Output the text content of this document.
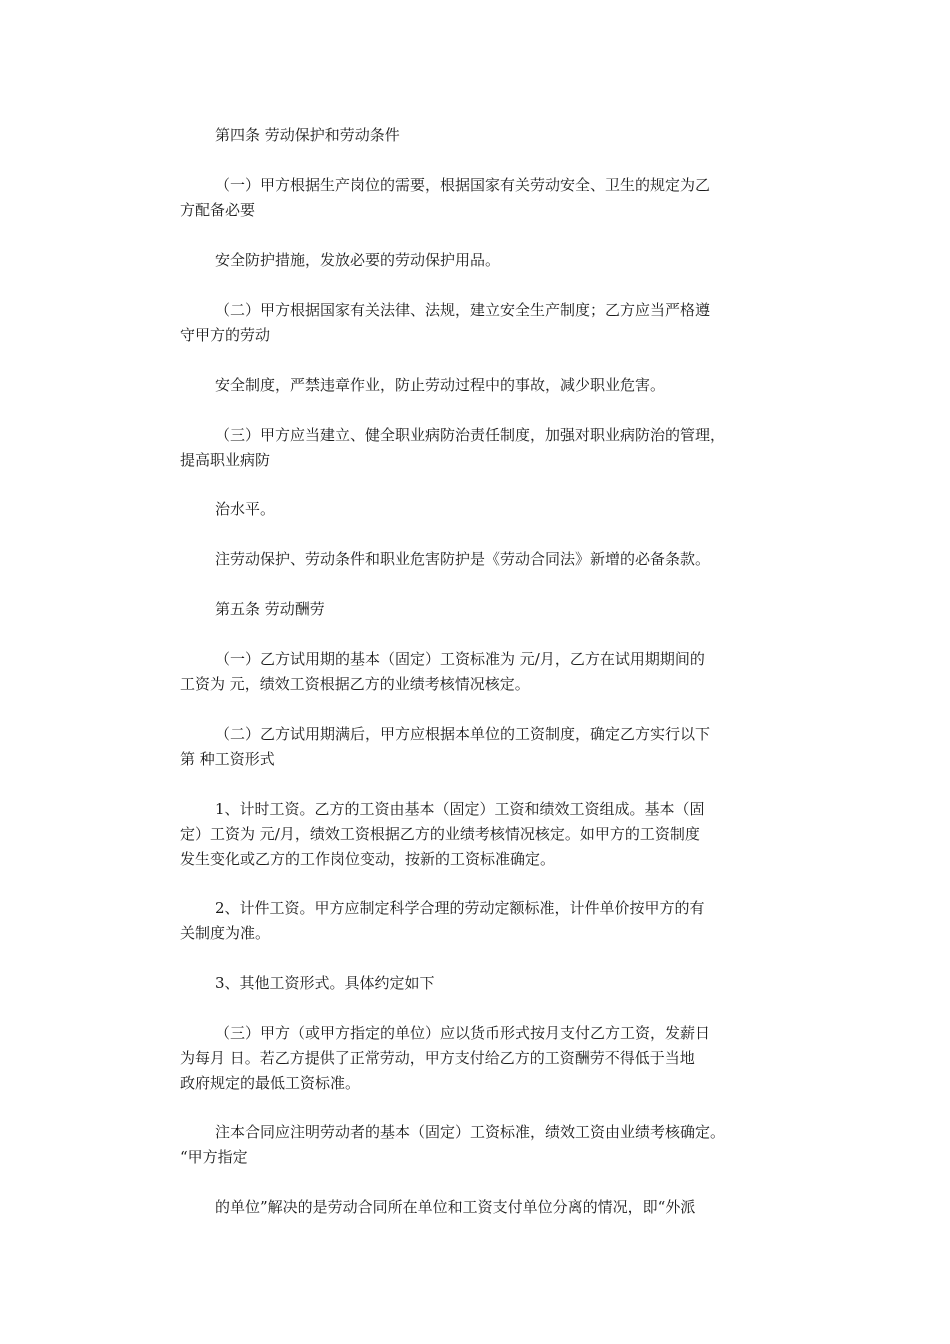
第四条 劳动保护和劳动条件

（一）甲方根据生产岗位的需要，根据国家有关劳动安全、卫生的规定为乙
方配备必要

安全防护措施，发放必要的劳动保护用品。

（二）甲方根据国家有关法律、法规，建立安全生产制度；乙方应当严格遵
守甲方的劳动

安全制度，严禁违章作业，防止劳动过程中的事故，减少职业危害。

（三）甲方应当建立、健全职业病防治责任制度，加强对职业病防治的管理，
提高职业病防

治水平。

注劳动保护、劳动条件和职业危害防护是《劳动合同法》新增的必备条款。

第五条 劳动酬劳

（一）乙方试用期的基本（固定）工资标准为 元/月，乙方在试用期期间的
工资为 元，绩效工资根据乙方的业绩考核情况核定。

（二）乙方试用期满后，甲方应根据本单位的工资制度，确定乙方实行以下
第 种工资形式

1、计时工资。乙方的工资由基本（固定）工资和绩效工资组成。基本（固
定）工资为 元/月，绩效工资根据乙方的业绩考核情况核定。如甲方的工资制度
发生变化或乙方的工作岗位变动，按新的工资标准确定。

2、计件工资。甲方应制定科学合理的劳动定额标准，计件单价按甲方的有
关制度为准。

3、其他工资形式。具体约定如下

（三）甲方（或甲方指定的单位）应以货币形式按月支付乙方工资，发薪日
为每月 日。若乙方提供了正常劳动，甲方支付给乙方的工资酬劳不得低于当地
政府规定的最低工资标准。

注本合同应注明劳动者的基本（固定）工资标准，绩效工资由业绩考核确定。
“甲方指定

的单位”解决的是劳动合同所在单位和工资支付单位分离的情况，即“外派
